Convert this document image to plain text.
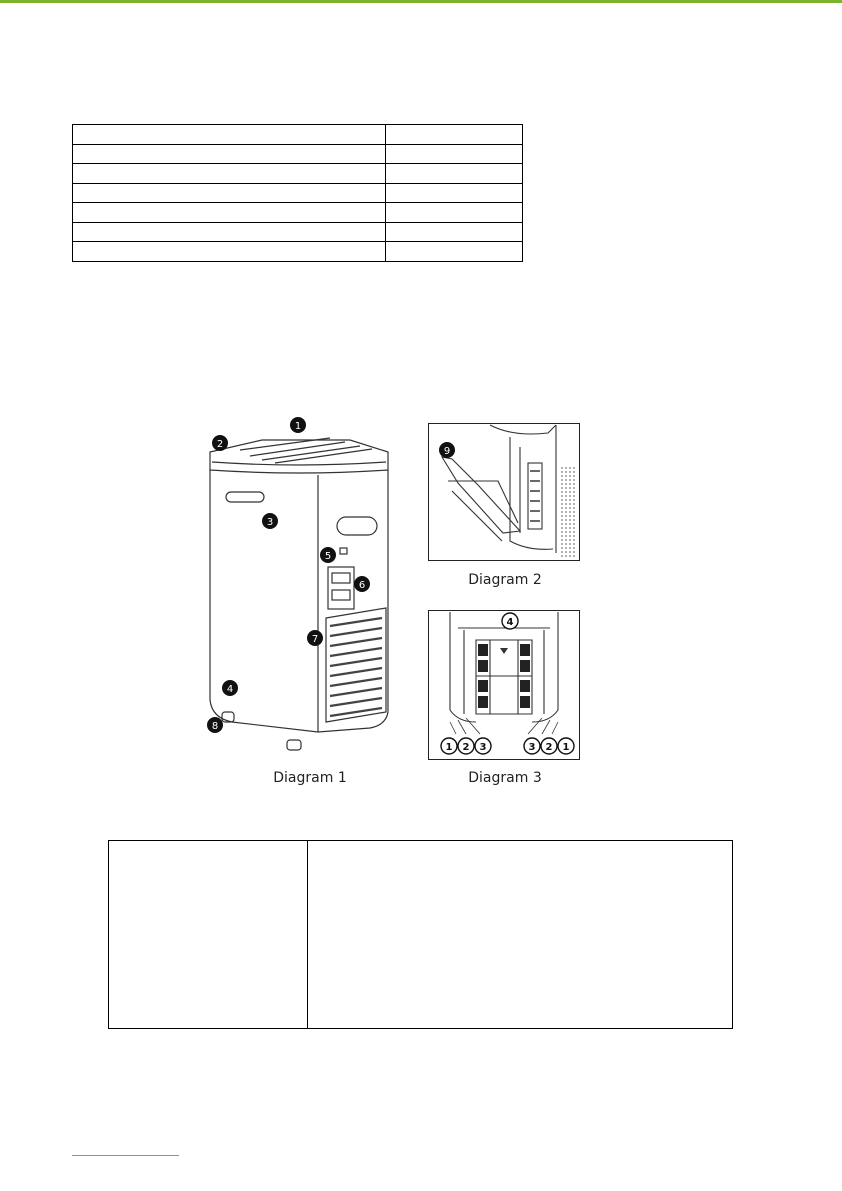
1
2
3
4
5
6
7
8
Diagram 1
9
Diagram 2
4
1 2 3	3 2 1
Diagram 3
